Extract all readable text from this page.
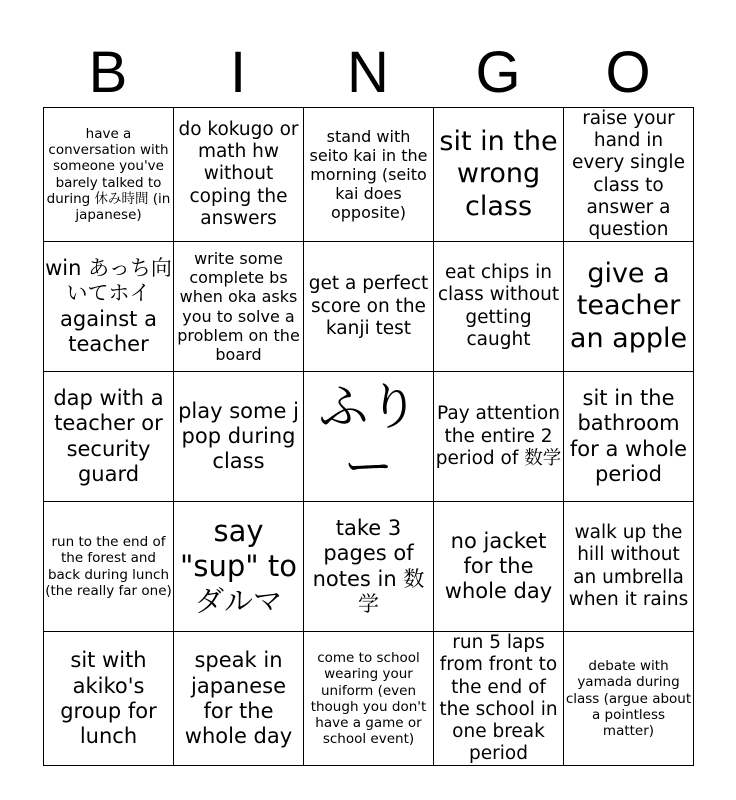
B	I	N	G	O
have a conversation with someone you've barely talked to during 休み時間 (in japanese)	do kokugo or math hw without coping the answers	stand with seito kai in the morning (seito kai does opposite)	sit in the wrong class	raise your hand in every single class to answer a question
win あっち向いてホイ against a teacher	write some complete bs when oka asks you to solve a problem on the board	get a perfect score on the kanji test	eat chips in class without getting caught	give a teacher an apple
dap with a teacher or security guard	play some j pop during class	ふりー	Pay attention the entire 2 period of 数学	sit in the bathroom for a whole period
run to the end of the forest and back during lunch (the really far one)	say "sup" to ダルマ	take 3 pages of notes in 数学	no jacket for the whole day	walk up the hill without an umbrella when it rains
sit with akiko's group for lunch	speak in japanese for the whole day	come to school wearing your uniform (even though you don't have a game or school event)	run 5 laps from front to the end of the school in one break period	debate with yamada during class (argue about a pointless matter)
